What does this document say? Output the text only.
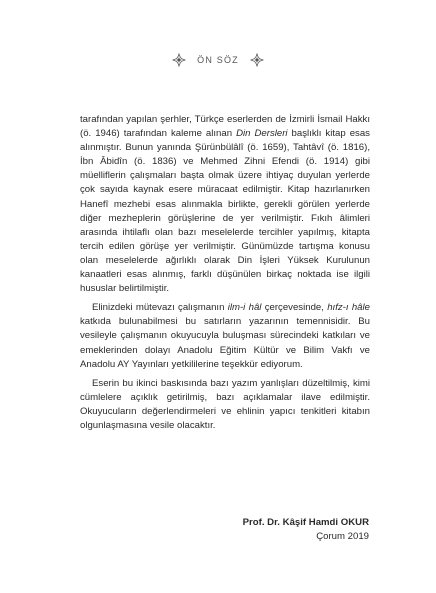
ÖN SÖZ

tarafından yapılan şerhler, Türkçe eserlerden de İzmirli İsmail Hakkı (ö. 1946) tarafından kaleme alınan Din Dersleri başlıklı kitap esas alınmıştır. Bunun yanında Şürünbülâlî (ö. 1659), Tahtâvî (ö. 1816), İbn Âbidîn (ö. 1836) ve Mehmed Zihni Efendi (ö. 1914) gibi müelliflerin çalışmaları başta olmak üzere ihtiyaç duyulan yerlerde çok sayıda kaynak esere müracaat edilmiştir. Kitap hazırlanırken Hanefî mezhebi esas alınmakla birlikte, gerekli görülen yerlerde diğer mezheplerin görüşlerine de yer verilmiştir. Fıkıh âlimleri arasında ihtilaflı olan bazı meselelerde tercihler yapılmış, kitapta tercih edilen görüşe yer verilmiştir. Günümüzde tartışma konusu olan meselelerde ağırlıklı olarak Din İşleri Yüksek Kurulunun kanaatleri esas alınmış, farklı düşünülen birkaç noktada ise ilgili hususlar belirtilmiştir.

Elinizdeki mütevazı çalışmanın ilm-i hâl çerçevesinde, hıfz-ı hâle katkıda bulunabilmesi bu satırların yazarının temennisidir. Bu vesileyle çalışmanın okuyucuyla buluşması sürecindeki katkıları ve emeklerinden dolayı Anadolu Eğitim Kültür ve Bilim Vakfı ve Anadolu AY Yayınları yetkililerine teşekkür ediyorum.

Eserin bu ikinci baskısında bazı yazım yanlışları düzeltilmiş, kimi cümlelere açıklık getirilmiş, bazı açıklamalar ilave edilmiştir. Okuyucuların değerlendirmeleri ve ehlinin yapıcı tenkitleri kitabın olgunlaşmasına vesile olacaktır.

Prof. Dr. Kâşif Hamdi OKUR
Çorum 2019
